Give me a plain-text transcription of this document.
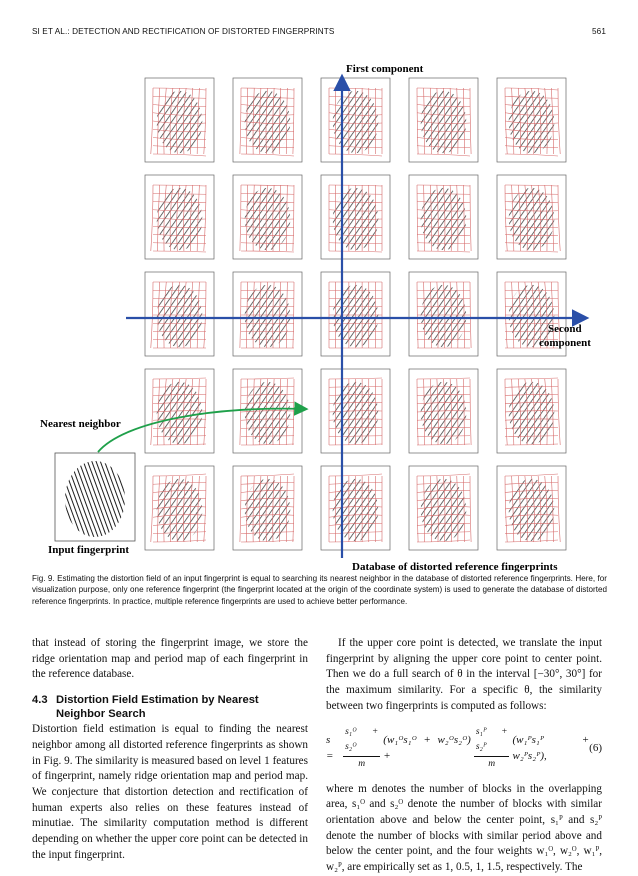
SI ET AL.: DETECTION AND RECTIFICATION OF DISTORTED FINGERPRINTS	561
First component
Second
component
Nearest neighbor
Input fingerprint
Database of distorted reference fingerprints
Fig. 9. Estimating the distortion field of an input fingerprint is equal to searching its nearest neighbor in the database of distorted reference fingerprints. Here, for visualization purpose, only one reference fingerprint (the fingerprint located at the origin of the coordinate system) is used to generate the database of distorted reference fingerprints. In practice, multiple reference fingerprints are used to achieve better performance.

that instead of storing the fingerprint image, we store the ridge orientation map and period map of each fingerprint in the reference database.

4.3 Distortion Field Estimation by Nearest
Neighbor Search

Distortion field estimation is equal to finding the nearest neighbor among all distorted reference fingerprints as shown in Fig. 9. The similarity is measured based on level 1 features of fingerprint, namely ridge orientation map and period map. We conjecture that distortion detection and rectification of human experts also relies on these features instead of minutiae. The similarity computation method is different depending on whether the upper core point can be detected in the input fingerprint.

If the upper core point is detected, we translate the input fingerprint by aligning the upper core point to center point. Then we do a full search of θ in the interval [−30°, 30°] for the maximum similarity. For a specific θ, the similarity between two fingerprints is computed as follows:

s =	$\frac{\text{s₁ᴼ + s₂ᴼ}}{m}$ (w₁ᴼs₁ᴼ + w₂ᴼs₂ᴼ) +	$\frac{\text{s₁ᴾ + s₂ᴾ}}{m}$ (w₁ᴾs₁ᴾ + w₂ᴾs₂ᴾ),
(6)

where m denotes the number of blocks in the overlapping area, s₁ᴼ and s₂ᴼ denote the number of blocks with similar orientation above and below the center point, s₁ᴾ and s₂ᴾ denote the number of blocks with similar period above and below the center point, and the four weights w₁ᴼ, w₂ᴼ, w₁ᴾ, w₂ᴾ, are empirically set as 1, 0.5, 1, 1.5, respectively. The
